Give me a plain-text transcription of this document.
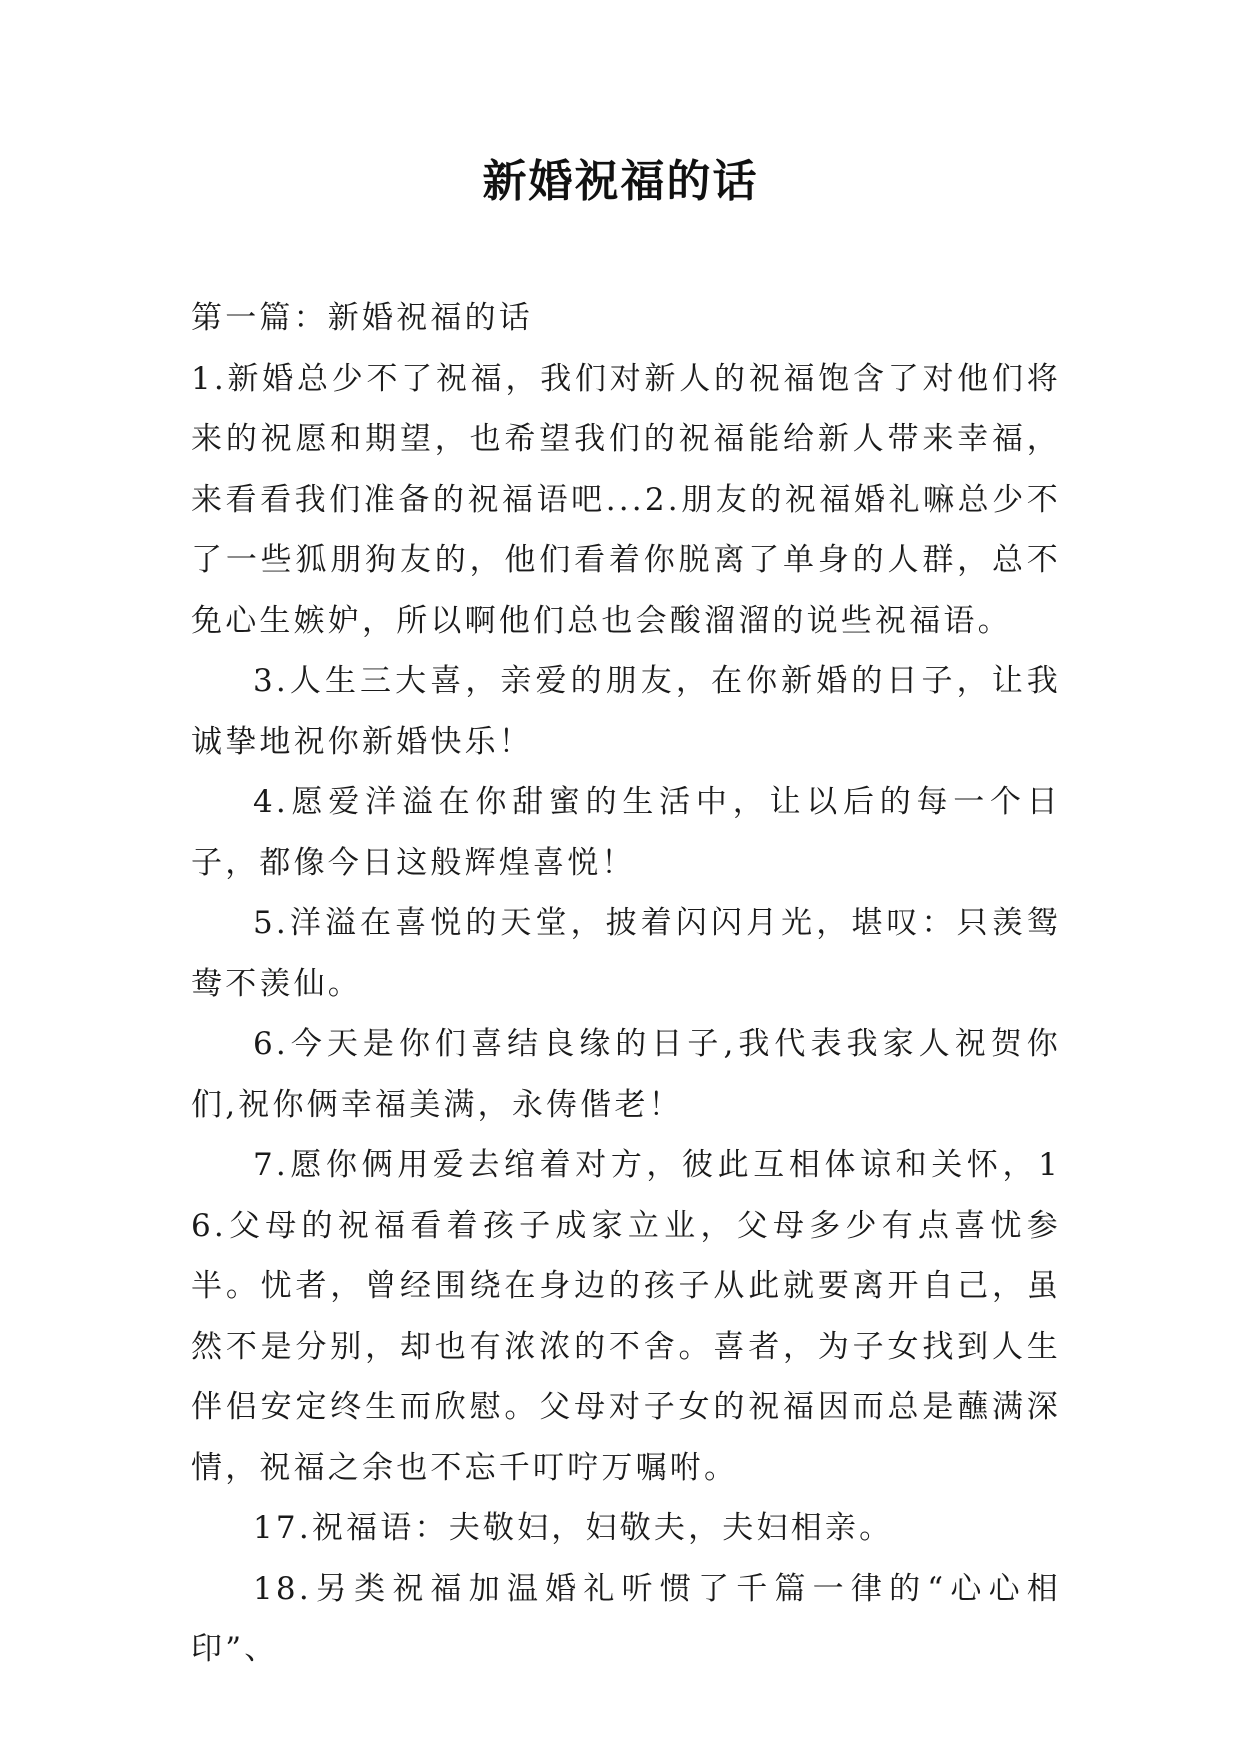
新婚祝福的话

第一篇：新婚祝福的话

1.新婚总少不了祝福，我们对新人的祝福饱含了对他们将来的祝愿和期望，也希望我们的祝福能给新人带来幸福，来看看我们准备的祝福语吧...2.朋友的祝福婚礼嘛总少不了一些狐朋狗友的，他们看着你脱离了单身的人群，总不免心生嫉妒，所以啊他们总也会酸溜溜的说些祝福语。

3.人生三大喜，亲爱的朋友，在你新婚的日子，让我诚挚地祝你新婚快乐！

4.愿爱洋溢在你甜蜜的生活中，让以后的每一个日子，都像今日这般辉煌喜悦！

5.洋溢在喜悦的天堂，披着闪闪月光，堪叹：只羡鸳鸯不羡仙。

6.今天是你们喜结良缘的日子,我代表我家人祝贺你们,祝你俩幸福美满，永俦偕老！

7.愿你俩用爱去绾着对方，彼此互相体谅和关怀，16.父母的祝福看着孩子成家立业，父母多少有点喜忧参半。忧者，曾经围绕在身边的孩子从此就要离开自己，虽然不是分别，却也有浓浓的不舍。喜者，为子女找到人生伴侣安定终生而欣慰。父母对子女的祝福因而总是蘸满深情，祝福之余也不忘千叮咛万嘱咐。

17.祝福语：夫敬妇，妇敬夫，夫妇相亲。

18.另类祝福加温婚礼听惯了千篇一律的“心心相印”、
